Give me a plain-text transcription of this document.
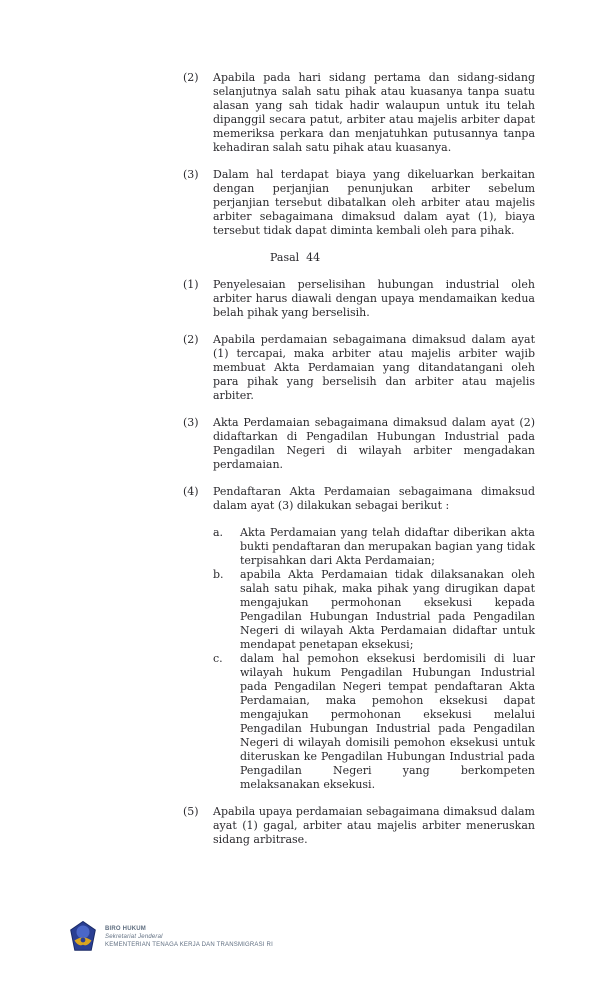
(2)	Apabila pada hari sidang pertama dan sidang-sidang selanjutnya salah satu pihak atau kuasanya tanpa suatu alasan yang sah tidak hadir walaupun untuk itu telah dipanggil secara patut, arbiter atau majelis arbiter dapat memeriksa perkara dan menjatuhkan putusannya tanpa kehadiran salah satu pihak atau kuasanya.

(3)	Dalam hal terdapat biaya yang dikeluarkan berkaitan dengan perjanjian penunjukan arbiter sebelum perjanjian tersebut dibatalkan oleh arbiter atau majelis arbiter sebagaimana dimaksud dalam ayat (1), biaya tersebut tidak dapat diminta kembali oleh para pihak.

Pasal  44
(1)	Penyelesaian perselisihan hubungan industrial oleh arbiter harus diawali dengan upaya mendamaikan kedua belah pihak yang berselisih.

(2)	Apabila perdamaian sebagaimana dimaksud dalam ayat (1) tercapai, maka arbiter atau majelis arbiter wajib membuat Akta Perdamaian yang ditandatangani oleh para pihak yang berselisih dan arbiter atau majelis arbiter.

(3)	Akta Perdamaian sebagaimana dimaksud dalam ayat (2) didaftarkan di Pengadilan Hubungan Industrial pada Pengadilan Negeri di wilayah arbiter mengadakan perdamaian.

(4)	Pendaftaran Akta Perdamaian sebagaimana dimaksud dalam ayat (3) dilakukan sebagai berikut :

a.	Akta Perdamaian yang telah didaftar diberikan akta bukti pendaftaran dan merupakan bagian yang tidak terpisahkan dari Akta Perdamaian;

b.	apabila Akta Perdamaian tidak dilaksanakan oleh salah satu pihak, maka pihak yang dirugikan dapat mengajukan permohonan eksekusi kepada Pengadilan Hubungan Industrial pada Pengadilan Negeri di wilayah Akta Perdamaian didaftar untuk mendapat penetapan eksekusi;

c.	dalam hal pemohon eksekusi berdomisili di luar wilayah hukum Pengadilan Hubungan Industrial pada Pengadilan Negeri tempat pendaftaran Akta Perdamaian, maka pemohon eksekusi dapat mengajukan permohonan eksekusi melalui Pengadilan Hubungan Industrial pada Pengadilan Negeri di wilayah domisili pemohon eksekusi untuk diteruskan ke Pengadilan Hubungan Industrial pada Pengadilan Negeri yang berkompeten melaksanakan eksekusi.

(5)	Apabila upaya perdamaian sebagaimana dimaksud dalam ayat (1) gagal, arbiter atau majelis arbiter meneruskan sidang arbitrase.

BIRO HUKUM
Sekretariat Jenderal
KEMENTERIAN TENAGA KERJA DAN TRANSMIGRASI RI
